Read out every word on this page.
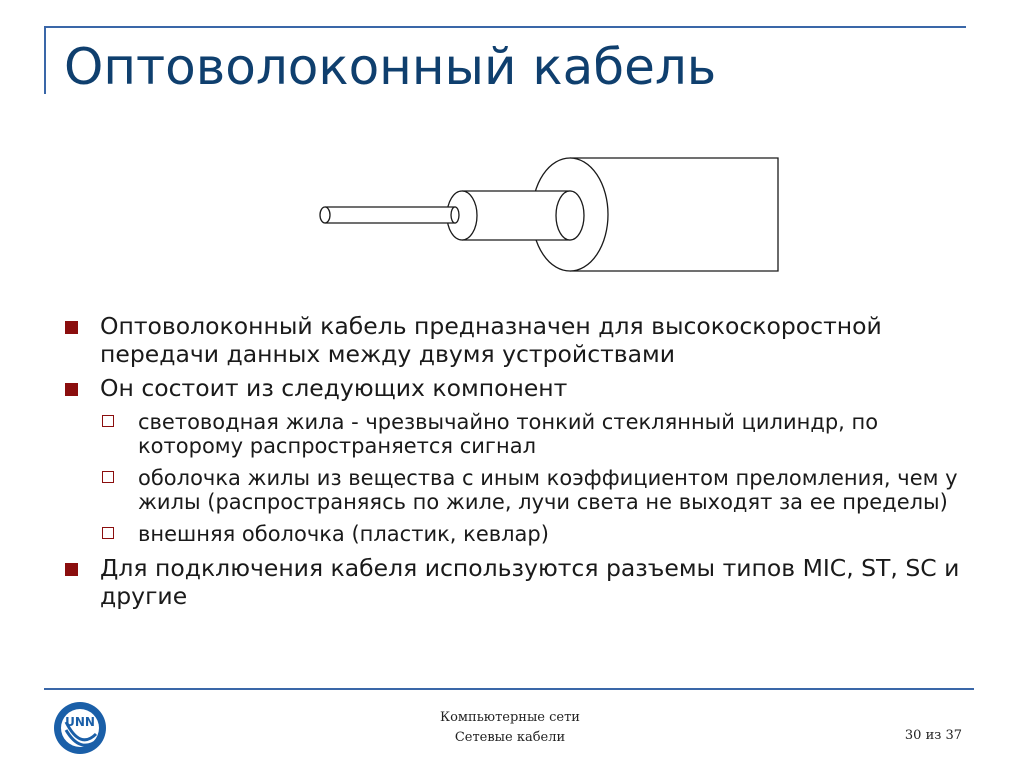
Оптоволоконный кабель
Оптоволоконный кабель предназначен для высокоскоростной передачи данных между двумя устройствами
Он состоит из следующих компонент
световодная жила - чрезвычайно тонкий стеклянный цилиндр, по которому распространяется сигнал
оболочка жилы из вещества с иным коэффициентом преломления, чем у жилы (распространяясь по жиле, лучи света не выходят за ее пределы)
внешняя оболочка (пластик, кевлар)
Для подключения кабеля используются разъемы типов MIC, ST, SC и другие
UNN	Компьютерные сети
Сетевые кабели	30 из 37
